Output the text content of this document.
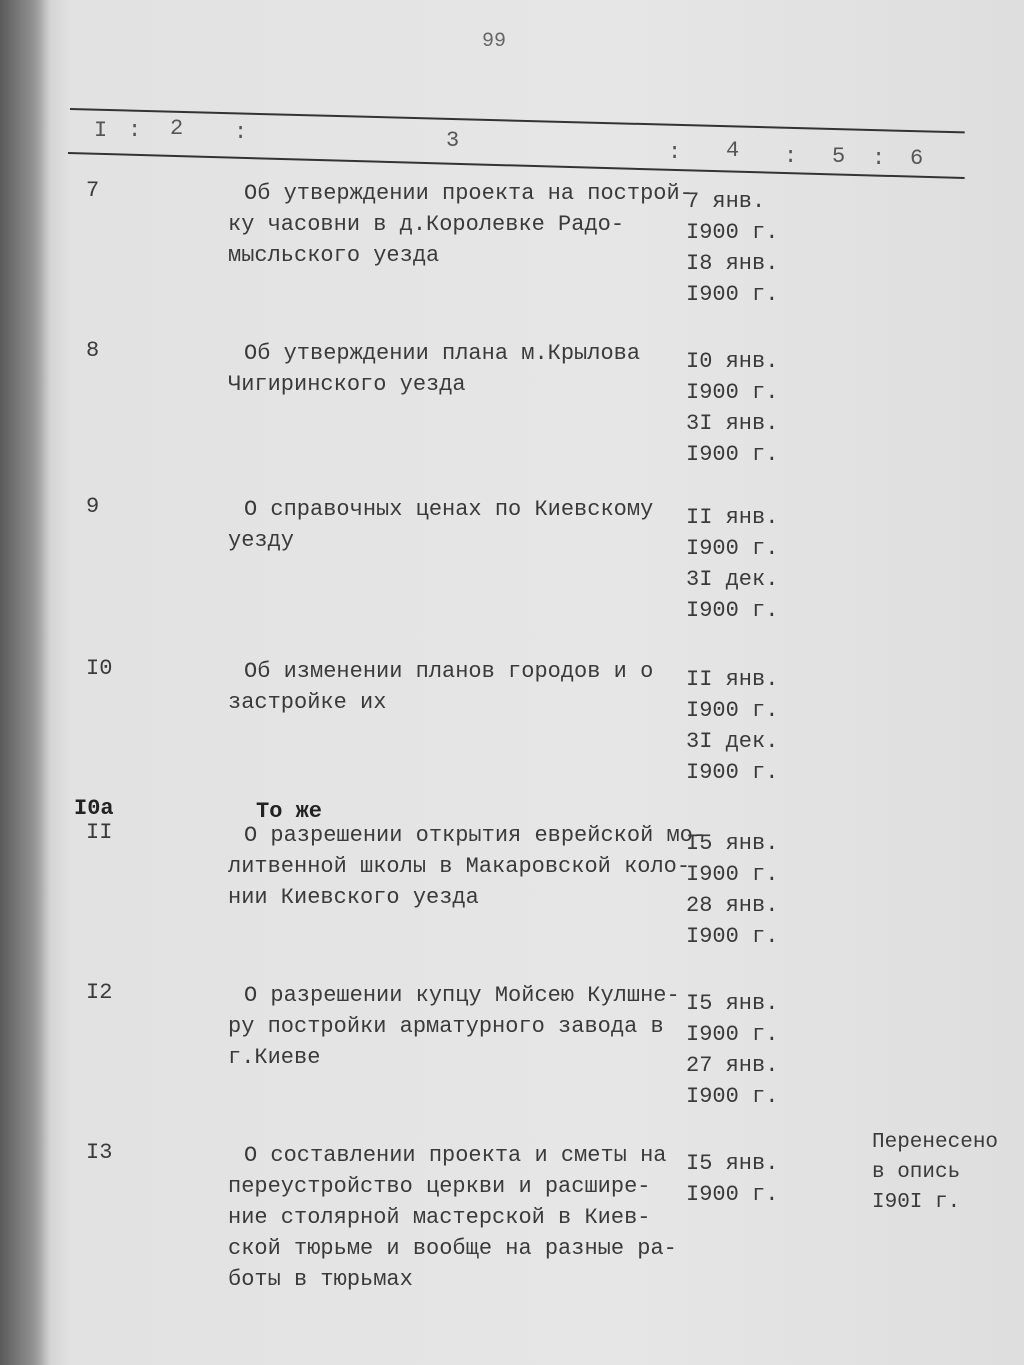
99
I : 2 :	3	: 4 : 5 : 6
7	Об утверждении проекта на построй-
ку часовни в д.Королевке Радо-
мысльского уезда
7 янв.
I900 г.
I8 янв.
I900 г.
8	Об утверждении плана м.Крылова
Чигиринского уезда
I0 янв.
I900 г.
3I янв.
I900 г.
9	О справочных ценах по Киевскому
уезду
II янв.
I900 г.
3I дек.
I900 г.
I0	Об изменении планов городов и о
застройке их
II янв.
I900 г.
3I дек.
I900 г.
I0а	То же
II	О разрешении открытия еврейской мо-
литвенной школы в Макаровской коло-
нии Киевского уезда
I5 янв.
I900 г.
28 янв.
I900 г.
I2	О разрешении купцу Мойсею Кулшне-
ру постройки арматурного завода в
г.Киеве
I5 янв.
I900 г.
27 янв.
I900 г.
I3	О составлении проекта и сметы на
переустройство церкви и расшире-
ние столярной мастерской в Киев-
ской тюрьме и вообще на разные ра-
боты в тюрьмах
I5 янв.
I900 г.
Перенесено
в опись
I90I г.
